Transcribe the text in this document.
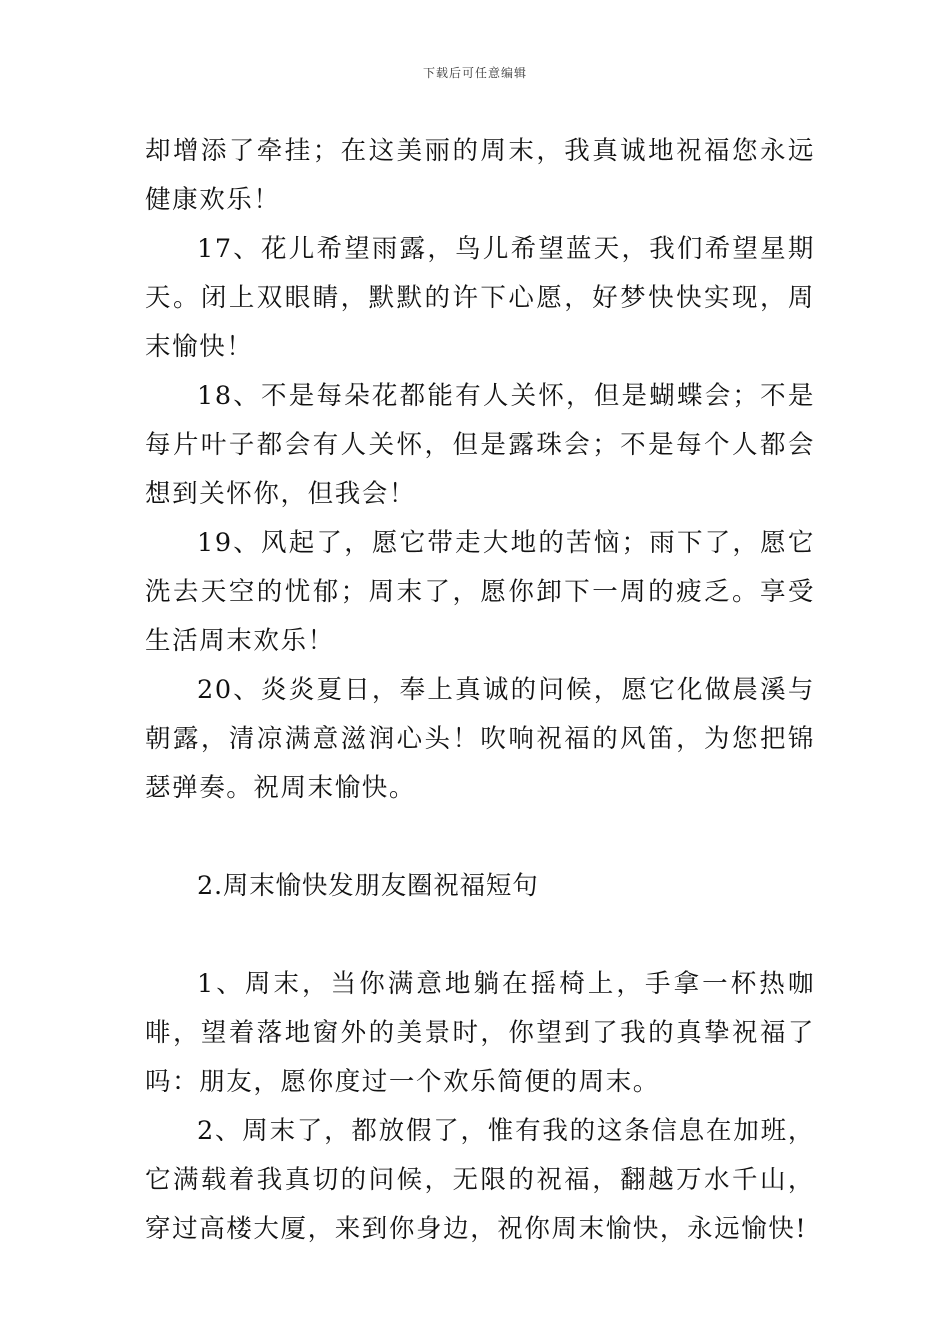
下载后可任意编辑

却增添了牵挂；在这美丽的周末，我真诚地祝福您永远健康欢乐！

17、花儿希望雨露，鸟儿希望蓝天，我们希望星期天。闭上双眼睛，默默的许下心愿，好梦快快实现，周末愉快！

18、不是每朵花都能有人关怀，但是蝴蝶会；不是每片叶子都会有人关怀，但是露珠会；不是每个人都会想到关怀你，但我会！

19、风起了，愿它带走大地的苦恼；雨下了，愿它洗去天空的忧郁；周末了，愿你卸下一周的疲乏。享受生活周末欢乐！

20、炎炎夏日，奉上真诚的问候，愿它化做晨溪与朝露，清凉满意滋润心头！吹响祝福的风笛，为您把锦瑟弹奏。祝周末愉快。

2.周末愉快发朋友圈祝福短句

1、周末，当你满意地躺在摇椅上，手拿一杯热咖啡，望着落地窗外的美景时，你望到了我的真挚祝福了吗：朋友，愿你度过一个欢乐简便的周末。

2、周末了，都放假了，惟有我的这条信息在加班，它满载着我真切的问候，无限的祝福，翻越万水千山，穿过高楼大厦，来到你身边，祝你周末愉快，永远愉快!
